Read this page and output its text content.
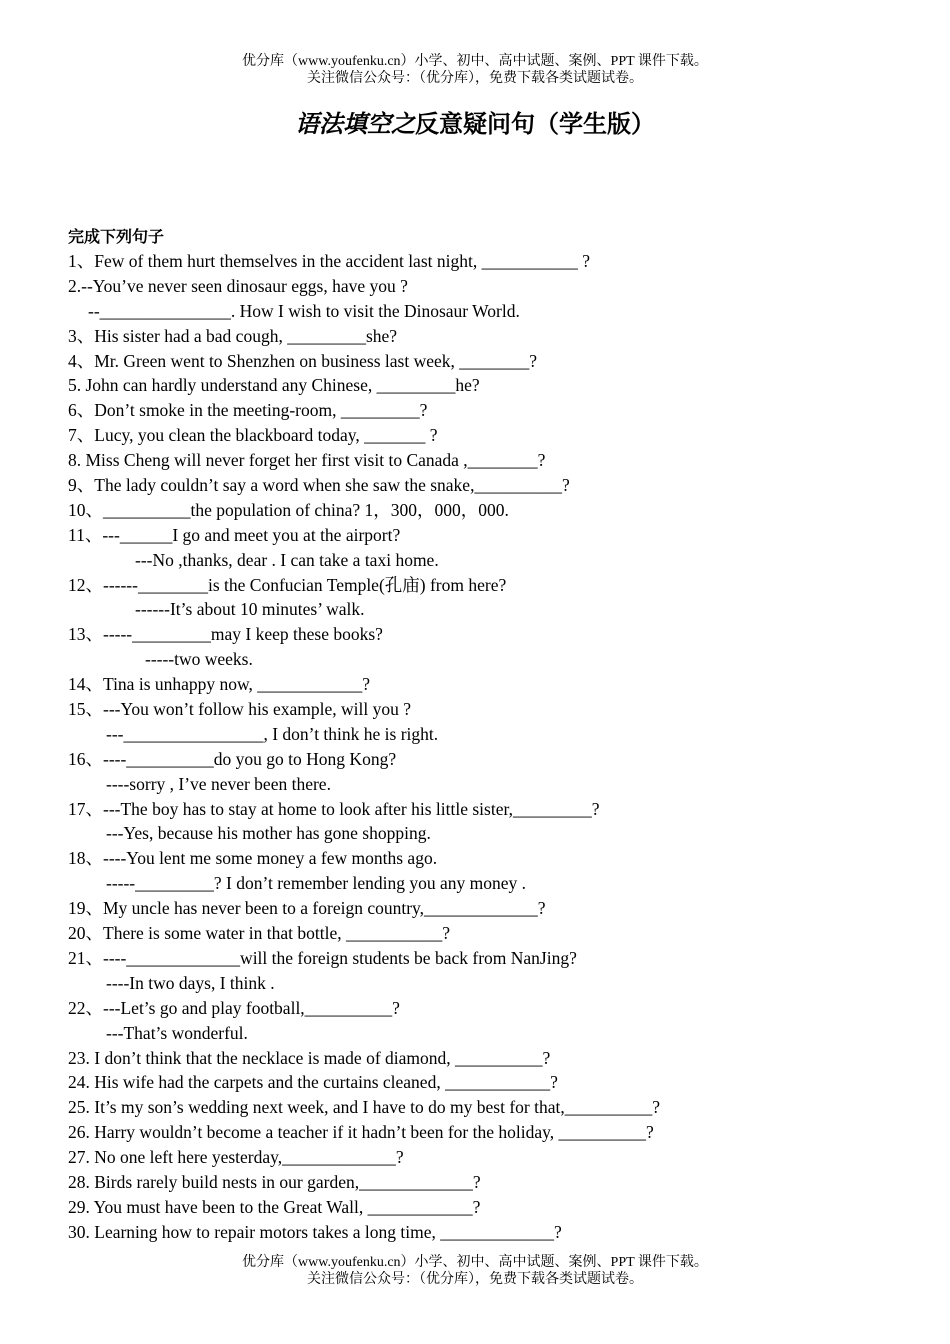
优分库（www.youfenku.cn）小学、初中、高中试题、案例、PPT 课件下载。
关注微信公众号：（优分库），免费下载各类试题试卷。
语法填空之反意疑问句（学生版）
完成下列句子
1、Few of them hurt themselves in the accident last night, ___________ ?
2.--You’ve never seen dinosaur eggs, have you ?
--_______________. How I wish to visit the Dinosaur World.
3、His sister had a bad cough, _________she?
4、Mr. Green went to Shenzhen on business last week, ________?
5. John can hardly understand any Chinese, _________he?
6、Don’t smoke in the meeting-room, _________?
7、Lucy, you clean the blackboard today, _______ ?
8. Miss Cheng will never forget her first visit to Canada ,________?
9、The lady couldn’t say a word when she saw the snake,__________?
10、__________the population of china? 1，300，000，000.
11、---______I go and meet you at the airport?
---No ,thanks, dear . I can take a taxi home.
12、------________is the Confucian Temple(孔庙) from here?
------It’s about 10 minutes’ walk.
13、-----_________may I keep these books?
-----two weeks.
14、Tina is unhappy now, ____________?
15、---You won’t follow his example, will you ?
---________________, I don’t think he is right.
16、----__________do you go to Hong Kong?
----sorry , I’ve never been there.
17、---The boy has to stay at home to look after his little sister,_________?
---Yes, because his mother has gone shopping.
18、----You lent me some money a few months ago.
-----_________? I don’t remember lending you any money .
19、My uncle has never been to a foreign country,_____________?
20、There is some water in that bottle, ___________?
21、----_____________will the foreign students be back from NanJing?
----In two days, I think .
22、---Let’s go and play football,__________?
---That’s wonderful.
23. I don’t think that the necklace is made of diamond, __________?
24. His wife had the carpets and the curtains cleaned, ____________?
25. It’s my son’s wedding next week, and I have to do my best for that,__________?
26. Harry wouldn’t become a teacher if it hadn’t been for the holiday, __________?
27. No one left here yesterday,_____________?
28. Birds rarely build nests in our garden,_____________?
29. You must have been to the Great Wall, ____________?
30. Learning how to repair motors takes a long time, _____________?
优分库（www.youfenku.cn）小学、初中、高中试题、案例、PPT 课件下载。
关注微信公众号：（优分库），免费下载各类试题试卷。
